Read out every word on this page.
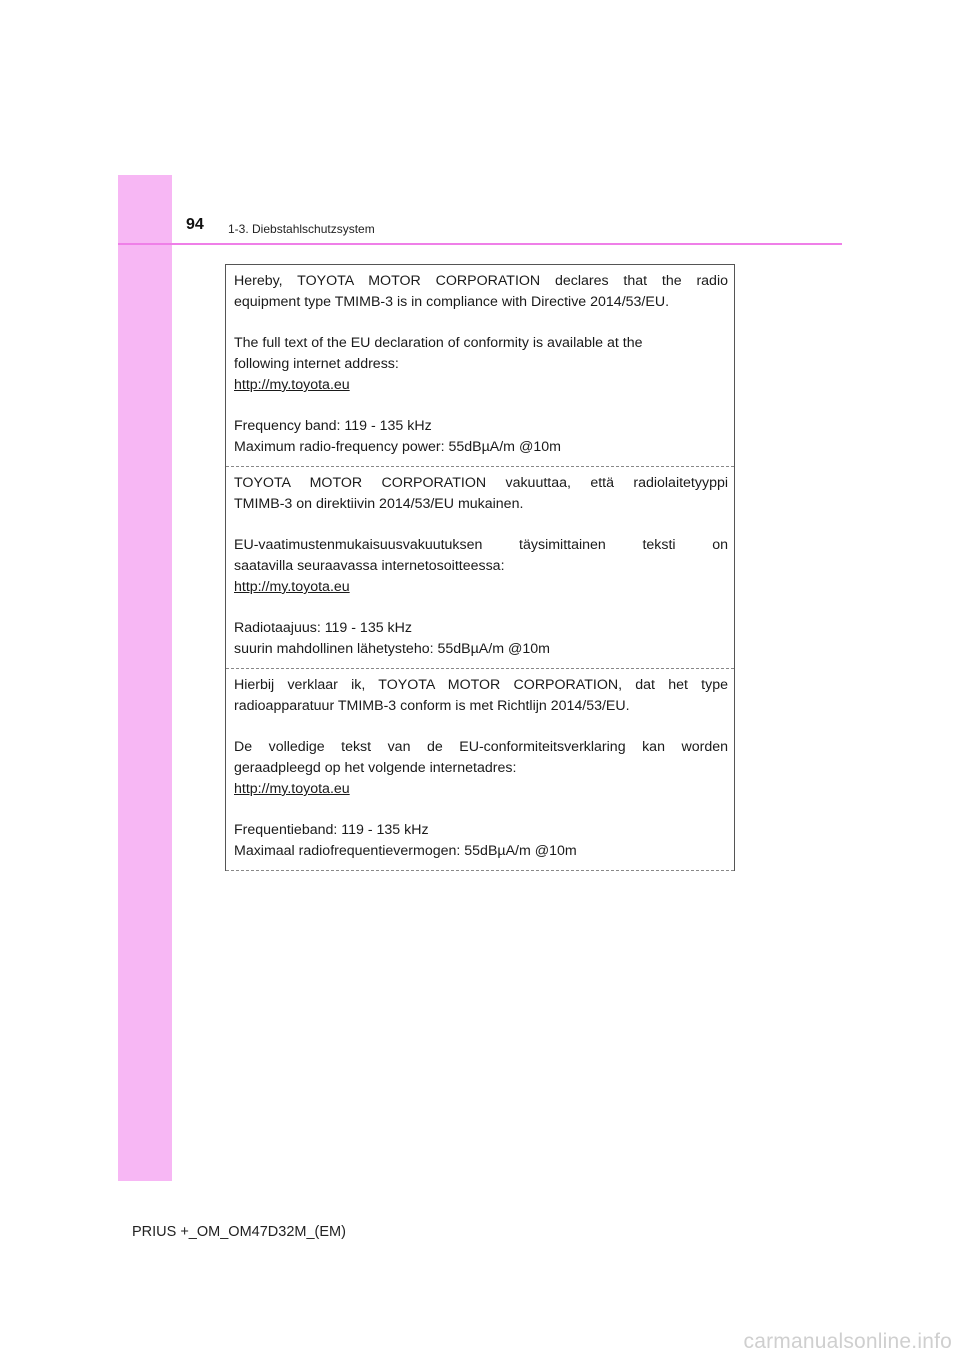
94 1-3. Diebstahlschutzsystem

Hereby, TOYOTA MOTOR CORPORATION declares that the radio
equipment type TMIMB-3 is in compliance with Directive 2014/53/EU.

The full text of the EU declaration of conformity is available at the
following internet address:
http://my.toyota.eu

Frequency band: 119 - 135 kHz
Maximum radio-frequency power: 55dBµA/m @10m

TOYOTA MOTOR CORPORATION vakuuttaa, että radiolaitetyyppi
TMIMB-3 on direktiivin 2014/53/EU mukainen.

EU-vaatimustenmukaisuusvakuutuksen täysimittainen teksti on
saatavilla seuraavassa internetosoitteessa:
http://my.toyota.eu

Radiotaajuus: 119 - 135 kHz
suurin mahdollinen lähetysteho: 55dBµA/m @10m

Hierbij verklaar ik, TOYOTA MOTOR CORPORATION, dat het type
radioapparatuur TMIMB-3 conform is met Richtlijn 2014/53/EU.

De volledige tekst van de EU-conformiteitsverklaring kan worden
geraadpleegd op het volgende internetadres:
http://my.toyota.eu

Frequentieband: 119 - 135 kHz
Maximaal radiofrequentievermogen: 55dBµA/m @10m

PRIUS +_OM_OM47D32M_(EM)
carmanualsonline.info
